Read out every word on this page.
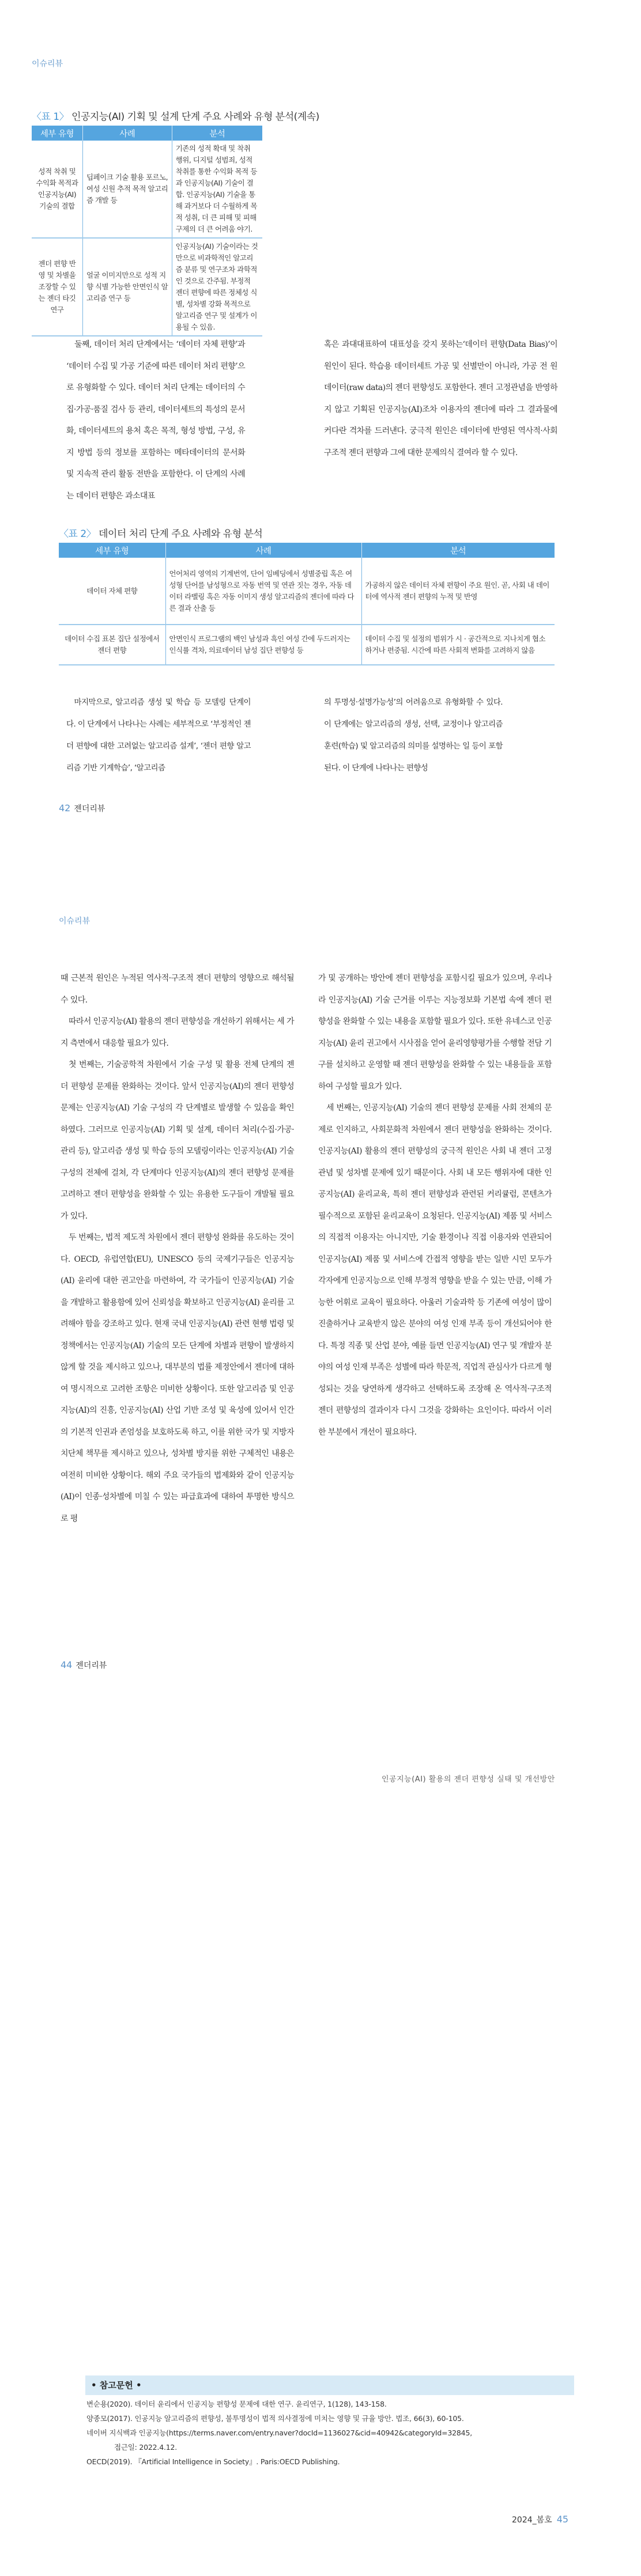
이슈리뷰
〈표 1〉 인공지능(AI) 기획 및 설계 단계 주요 사례와 유형 분석(계속)
세부 유형	사례	분석
성적 착취 및 수익화 목적과 인공지능(AI) 기술의 결합	딥페이크 기술 활용 포르노, 여성 신원 추적 목적 알고리즘 개발 등	기존의 성적 확대 및 착취 행위, 디지털 성범죄, 성적 착취를 통한 수익화 목적 등과 인공지능(AI) 기술이 결합. 인공지능(AI) 기술을 통해 과거보다 더 수월하게 목적 성취, 더 큰 피해 및 피해 구제의 더 큰 어려움 야기.
젠더 편향 반영 및 차별을 조장할 수 있는 젠더 타깃 연구	얼굴 이미지만으로 성적 지향 식별 가능한 안면인식 알고리즘 연구 등	인공지능(AI) 기술이라는 것만으로 비과학적인 알고리즘 분류 및 연구조차 과학적인 것으로 간주됨. 부정적 젠더 편향에 따른 정체성 식별, 성차별 강화 목적으로 알고리즘 연구 및 설계가 이용될 수 있음.

둘째, 데이터 처리 단계에서는 ‘데이터 자체 편향’과 ‘데이터 수집 및 가공 기준에 따른 데이터 처리 편향’으로 유형화할 수 있다. 데이터 처리 단계는 데이터의 수집·가공·품질 검사 등 관리, 데이터세트의 특성의 문서화, 데이터세트의 용처 혹은 목적, 형성 방법, 구성, 유지 방법 등의 정보를 포함하는 메타데이터의 문서화 및 지속적 관리 활동 전반을 포함한다. 이 단계의 사례는 데이터 편향은 과소대표

혹은 과대대표하여 대표성을 갖지 못하는‘데이터 편향(Data Bias)’이 원인이 된다. 학습용 데이터세트 가공 및 선별만이 아니라, 가공 전 원 데이터(raw data)의 젠더 편향성도 포함한다. 젠더 고정관념을 반영하지 않고 기획된 인공지능(AI)조차 이용자의 젠더에 따라 그 결과물에 커다란 격차를 드러낸다. 궁극적 원인은 데이터에 반영된 역사적·사회구조적 젠더 편향과 그에 대한 문제의식 결여라 할 수 있다.

〈표 2〉 데이터 처리 단계 주요 사례와 유형 분석
세부 유형	사례	분석
데이터 자체 편향	언어처리 영역의 기계번역, 단어 임베딩에서 성별중립 혹은 여성형 단어를 남성형으로 자동 번역 및 연관 짓는 경우, 자동 데이터 라벨링 혹은 자동 이미지 생성 알고리즘의 젠더에 따라 다른 결과 산출 등	가공하지 않은 데이터 자체 편향이 주요 원인. 곧, 사회 내 데이터에 역사적 젠더 편향의 누적 및 반영
데이터 수집 표본 집단 설정에서 젠더 편향	안면인식 프로그램의 백인 남성과 흑인 여성 간에 두드러지는 인식률 격차, 의료데이터 남성 집단 편향성 등	데이터 수집 및 설정의 범위가 시 · 공간적으로 지나치게 협소하거나 편중됨. 시간에 따른 사회적 변화를 고려하지 않음

마지막으로, 알고리즘 생성 및 학습 등 모델링 단계이다. 이 단계에서 나타나는 사례는 세부적으로 ‘부정적인 젠더 편향에 대한 고려없는 알고리즘 설계’, ‘젠더 편향 알고리즘 기반 기계학습’, ‘알고리즘

의 투명성·설명가능성’의 어려움으로 유형화할 수 있다. 이 단계에는 알고리즘의 생성, 선택, 교정이나 알고리즘 훈련(학습) 및 알고리즘의 의미를 설명하는 일 등이 포함된다. 이 단계에 나타나는 편향성

42 젠더리뷰
이슈리뷰

때 근본적 원인은 누적된 역사적·구조적 젠더 편향의 영향으로 해석될 수 있다.

따라서 인공지능(AI) 활용의 젠더 편향성을 개선하기 위해서는 세 가지 측면에서 대응할 필요가 있다.

첫 번째는, 기술공학적 차원에서 기술 구성 및 활용 전체 단계의 젠더 편향성 문제를 완화하는 것이다. 앞서 인공지능(AI)의 젠더 편향성 문제는 인공지능(AI) 기술 구성의 각 단계별로 발생할 수 있음을 확인하였다. 그러므로 인공지능(AI) 기획 및 설계, 데이터 처리(수집·가공·관리 등), 알고리즘 생성 및 학습 등의 모델링이라는 인공지능(AI) 기술 구성의 전체에 걸쳐, 각 단계마다 인공지능(AI)의 젠더 편향성 문제를 고려하고 젠더 편향성을 완화할 수 있는 유용한 도구들이 개발될 필요가 있다.

두 번째는, 법적 제도적 차원에서 젠더 편향성 완화를 유도하는 것이다. OECD, 유럽연합(EU), UNESCO 등의 국제기구들은 인공지능(AI) 윤리에 대한 권고안을 마련하여, 각 국가들이 인공지능(AI) 기술을 개발하고 활용함에 있어 신뢰성을 확보하고 인공지능(AI) 윤리를 고려해야 함을 강조하고 있다. 현재 국내 인공지능(AI) 관련 현행 법령 및 정책에서는 인공지능(AI) 기술의 모든 단계에 차별과 편향이 발생하지 않게 할 것을 제시하고 있으나, 대부분의 법률 제정안에서 젠더에 대하여 명시적으로 고려한 조항은 미비한 상황이다. 또한 알고리즘 및 인공지능(AI)의 진흥, 인공지능(AI) 산업 기반 조성 및 육성에 있어서 인간의 기본적 인권과 존엄성을 보호하도록 하고, 이를 위한 국가 및 지방자치단체 책무를 제시하고 있으나, 성차별 방지를 위한 구체적인 내용은 여전히 미비한 상황이다. 해외 주요 국가들의 법제화와 같이 인공지능(AI)이 인종·성차별에 미칠 수 있는 파급효과에 대하여 투명한 방식으로 평

가 및 공개하는 방안에 젠더 편향성을 포함시킬 필요가 있으며, 우리나라 인공지능(AI) 기술 근거를 이루는 지능정보화 기본법 속에 젠더 편향성을 완화할 수 있는 내용을 포함할 필요가 있다. 또한 유네스코 인공지능(AI) 윤리 권고에서 시사점을 얻어 윤리영향평가를 수행할 전담 기구를 설치하고 운영할 때 젠더 편향성을 완화할 수 있는 내용들을 포함하여 구성할 필요가 있다.

세 번째는, 인공지능(AI) 기술의 젠더 편향성 문제를 사회 전체의 문제로 인지하고, 사회문화적 차원에서 젠더 편향성을 완화하는 것이다. 인공지능(AI) 활용의 젠더 편향성의 궁극적 원인은 사회 내 젠더 고정관념 및 성차별 문제에 있기 때문이다. 사회 내 모든 행위자에 대한 인공지능(AI) 윤리교육, 특히 젠더 편향성과 관련된 커리큘럼, 콘텐츠가 필수적으로 포함된 윤리교육이 요청된다. 인공지능(AI) 제품 및 서비스의 직접적 이용자는 아니지만, 기술 환경이나 직접 이용자와 연관되어 인공지능(AI) 제품 및 서비스에 간접적 영향을 받는 일반 시민 모두가 각자에게 인공지능으로 인해 부정적 영향을 받을 수 있는 만큼, 이해 가능한 어휘로 교육이 필요하다. 아울러 기술과학 등 기존에 여성이 많이 진출하거나 교육받지 않은 분야의 여성 인재 부족 등이 개선되어야 한다. 특정 직종 및 산업 분야, 예를 들면 인공지능(AI) 연구 및 개발자 분야의 여성 인재 부족은 성별에 따라 학문적, 직업적 관심사가 다르게 형성되는 것을 당연하게 생각하고 선택하도록 조장해 온 역사적·구조적 젠더 편향성의 결과이자 다시 그것을 강화하는 요인이다. 따라서 이러한 부분에서 개선이 필요하다.

44 젠더리뷰
인공지능(AI) 활용의 젠더 편향성 실태 및 개선방안
• 참고문헌 •
변순용(2020). 데이터 윤리에서 인공지능 편향성 문제에 대한 연구. 윤리연구, 1(128), 143-158.
양종모(2017). 인공지능 알고리즘의 편향성, 불투명성이 법적 의사결정에 미치는 영향 및 규율 방안. 법조, 66(3), 60-105.
네이버 지식백과 인공지능(https://terms.naver.com/entry.naver?docId=1136027&cid=40942&categoryId=32845,
접근일: 2022.4.12.
OECD(2019). 『Artificial Intelligence in Society』. Paris:OECD Publishing.
2024_봄호 45
